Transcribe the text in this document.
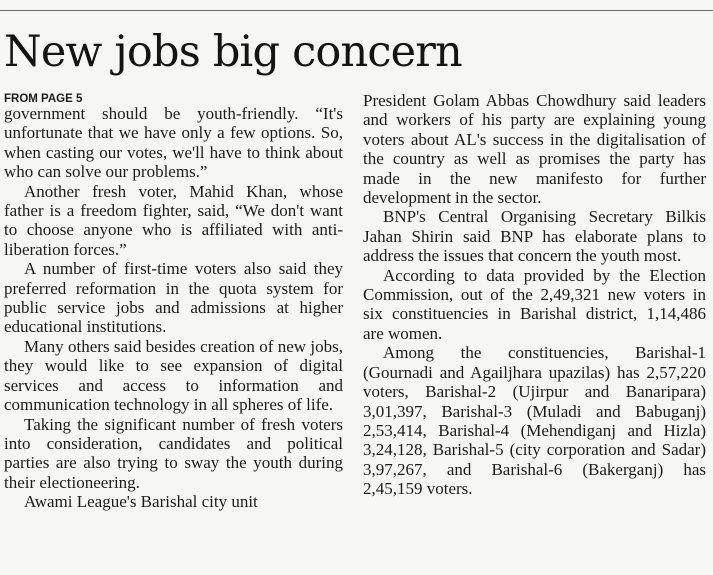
New jobs big concern
FROM PAGE 5

government should be youth-friendly. “It's unfortunate that we have only a few options. So, when casting our votes, we'll have to think about who can solve our problems.”

Another fresh voter, Mahid Khan, whose father is a freedom fighter, said, “We don't want to choose anyone who is affiliated with anti-liberation forces.”

A number of first-time voters also said they preferred reformation in the quota system for public service jobs and admissions at higher educational institutions.

Many others said besides creation of new jobs, they would like to see expansion of digital services and access to information and communication technology in all spheres of life.

Taking the significant number of fresh voters into consideration, candidates and political parties are also trying to sway the youth during their electioneering.

Awami League's Barishal city unit

President Golam Abbas Chowdhury said leaders and workers of his party are explaining young voters about AL's success in the digitalisation of the country as well as promises the party has made in the new manifesto for further development in the sector.

BNP's Central Organising Secretary Bilkis Jahan Shirin said BNP has elaborate plans to address the issues that concern the youth most.

According to data provided by the Election Commission, out of the 2,49,321 new voters in six constituencies in Barishal district, 1,14,486 are women.

Among the constituencies, Barishal-1 (Gournadi and Agailjhara upazilas) has 2,57,220 voters, Barishal-2 (Ujirpur and Banaripara) 3,01,397, Barishal-3 (Muladi and Babuganj) 2,53,414, Barishal-4 (Mehendiganj and Hizla) 3,24,128, Barishal-5 (city corporation and Sadar) 3,97,267, and Barishal-6 (Bakerganj) has 2,45,159 voters.
